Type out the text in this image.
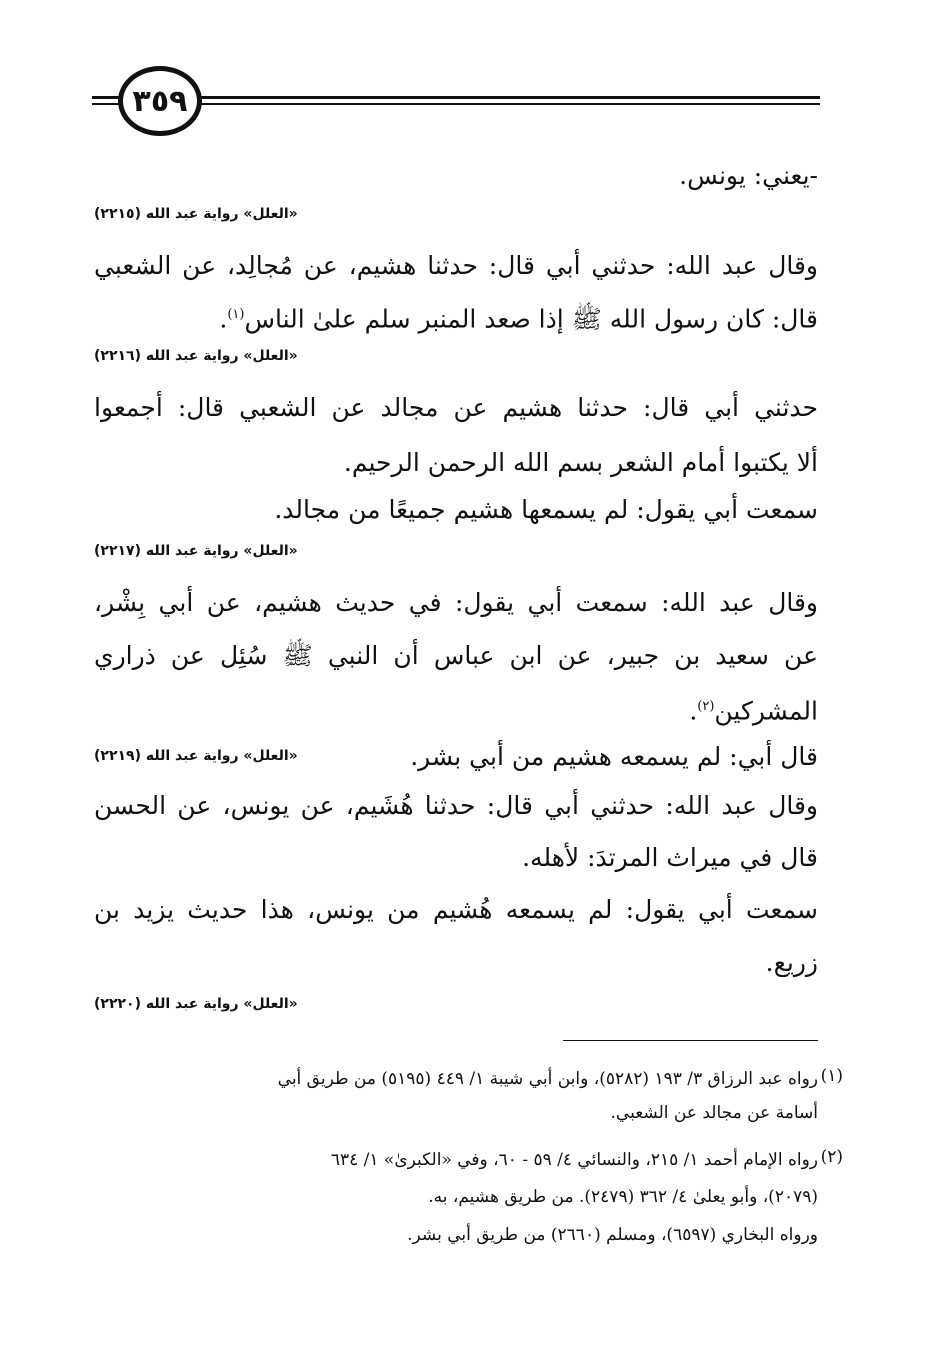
٣٥٩
-يعني: يونس.
«العلل» رواية عبد الله (٢٢١٥)
وقال عبد الله: حدثني أبي قال: حدثنا هشيم، عن مُجالِد، عن الشعبي
قال: كان رسول الله ﷺ إذا صعد المنبر سلم علىٰ الناس$^{(١)}$.
«العلل» رواية عبد الله (٢٢١٦)
حدثني أبي قال: حدثنا هشيم عن مجالد عن الشعبي قال: أجمعوا
ألا يكتبوا أمام الشعر بسم الله الرحمن الرحيم.
سمعت أبي يقول: لم يسمعها هشيم جميعًا من مجالد.
«العلل» رواية عبد الله (٢٢١٧)
وقال عبد الله: سمعت أبي يقول: في حديث هشيم، عن أبي بِشْر،
عن سعيد بن جبير، عن ابن عباس أن النبي ﷺ سُئِل عن ذراري
المشركين$^{(٢)}$.
قال أبي: لم يسمعه هشيم من أبي بشر.
«العلل» رواية عبد الله (٢٢١٩)
وقال عبد الله: حدثني أبي قال: حدثنا هُشَيم، عن يونس، عن الحسن
قال في ميراث المرتدَ: لأهله.
سمعت أبي يقول: لم يسمعه هُشيم من يونس، هذا حديث يزيد بن
زريع.
«العلل» رواية عبد الله (٢٢٢٠)
(١)
رواه عبد الرزاق ٣/ ١٩٣ (٥٢٨٢)، وابن أبي شيبة ١/ ٤٤٩ (٥١٩٥) من طريق أبي
أسامة عن مجالد عن الشعبي.
(٢)
رواه الإمام أحمد ١/ ٢١٥، والنسائي ٤/ ٥٩ - ٦٠، وفي «الكبرىٰ» ١/ ٦٣٤
(٢٠٧٩)، وأبو يعلىٰ ٤/ ٣٦٢ (٢٤٧٩). من طريق هشيم، به.
ورواه البخاري (٦٥٩٧)، ومسلم (٢٦٦٠) من طريق أبي بشر.
